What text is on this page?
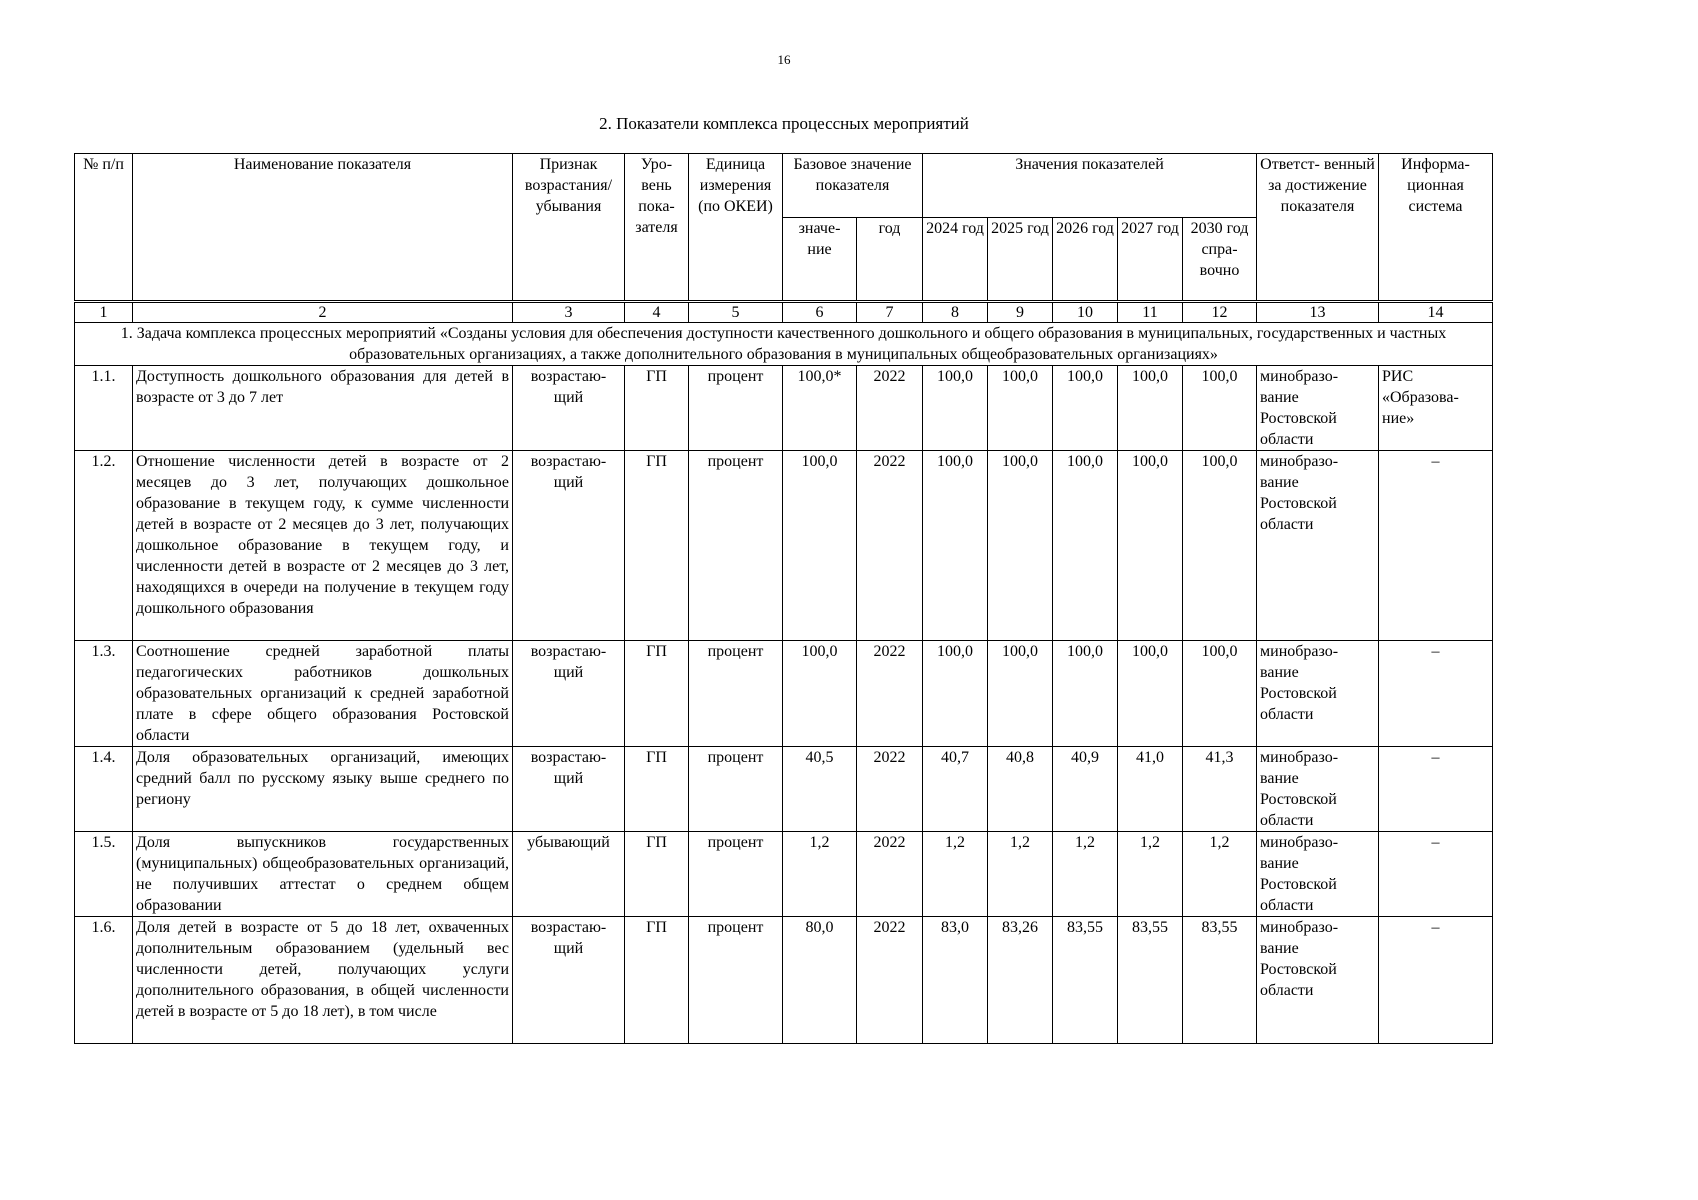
16
2. Показатели комплекса процессных мероприятий
№ п/п	Наименование показателя	Признак возрастания/ убывания	Уро- вень пока- зателя	Единица измерения (по ОКЕИ)	Базовое значение показателя		Значения показателей					Ответст- венный за достижение показателя	Информа- ционная система
					значе- ние	год	2024 год	2025 год	2026 год	2027 год	2030 год спра- вочно		
1	2	3	4	5	6	7	8	9	10	11	12	13	14
1. Задача комплекса процессных мероприятий «Созданы условия для обеспечения доступности качественного дошкольного и общего образования в муниципальных, государственных и частных образовательных организациях, а также дополнительного образования в муниципальных общеобразовательных организациях»													
1.1.	Доступность дошкольного образования для детей в возрасте от 3 до 7 лет	возрастаю- щий	ГП	процент	100,0*	2022	100,0	100,0	100,0	100,0	100,0	минобразо- вание Ростовской области	РИС «Образова- ние»
1.2.	Отношение численности детей в возрасте от 2 месяцев до 3 лет, получающих дошкольное образование в текущем году, к сумме численности детей в возрасте от 2 месяцев до 3 лет, получающих дошкольное образование в текущем году, и численности детей в возрасте от 2 месяцев до 3 лет, находящихся в очереди на получение в текущем году дошкольного образования	возрастаю- щий	ГП	процент	100,0	2022	100,0	100,0	100,0	100,0	100,0	минобразо- вание Ростовской области	–
1.3.	Соотношение средней заработной платы педагогических работников дошкольных образовательных организаций к средней заработной плате в сфере общего образования Ростовской области	возрастаю- щий	ГП	процент	100,0	2022	100,0	100,0	100,0	100,0	100,0	минобразо- вание Ростовской области	–
1.4.	Доля образовательных организаций, имеющих средний балл по русскому языку выше среднего по региону	возрастаю- щий	ГП	процент	40,5	2022	40,7	40,8	40,9	41,0	41,3	минобразо- вание Ростовской области	–
1.5.	Доля выпускников государственных (муниципальных) общеобразовательных организаций, не получивших аттестат о среднем общем образовании	убывающий	ГП	процент	1,2	2022	1,2	1,2	1,2	1,2	1,2	минобразо- вание Ростовской области	–
1.6.	Доля детей в возрасте от 5 до 18 лет, охваченных дополнительным образованием (удельный вес численности детей, получающих услуги дополнительного образования, в общей численности детей в возрасте от 5 до 18 лет), в том числе	возрастаю- щий	ГП	процент	80,0	2022	83,0	83,26	83,55	83,55	83,55	минобразо- вание Ростовской области	–
